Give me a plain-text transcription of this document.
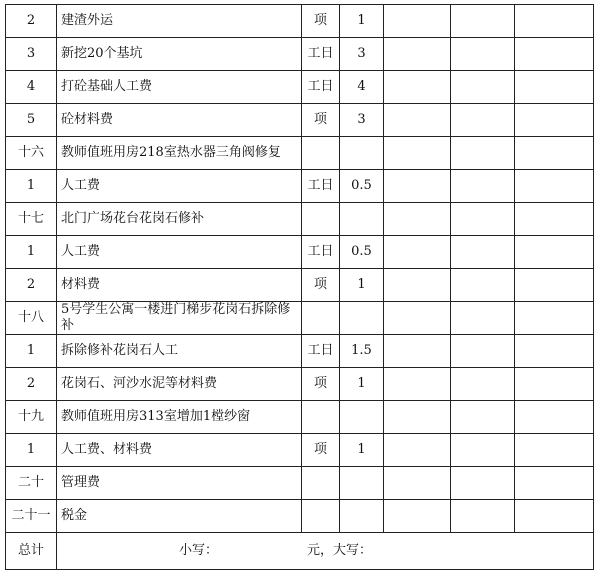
2	建渣外运	项	1			
3	新挖20个基坑	工日	3			
4	打砼基础人工费	工日	4			
5	砼材料费	项	3			
十六	教师值班用房218室热水器三角阀修复					
1	人工费	工日	0.5			
十七	北门广场花台花岗石修补					
1	人工费	工日	0.5			
2	材料费	项	1			
十八	5号学生公寓一楼进门梯步花岗石拆除修补					
1	拆除修补花岗石人工	工日	1.5			
2	花岗石、河沙水泥等材料费	项	1			
十九	教师值班用房313室增加1樘纱窗					
1	人工费、材料费	项	1			
二十	管理费					
二十一	税金					
总计	小写： 元，大写：					
